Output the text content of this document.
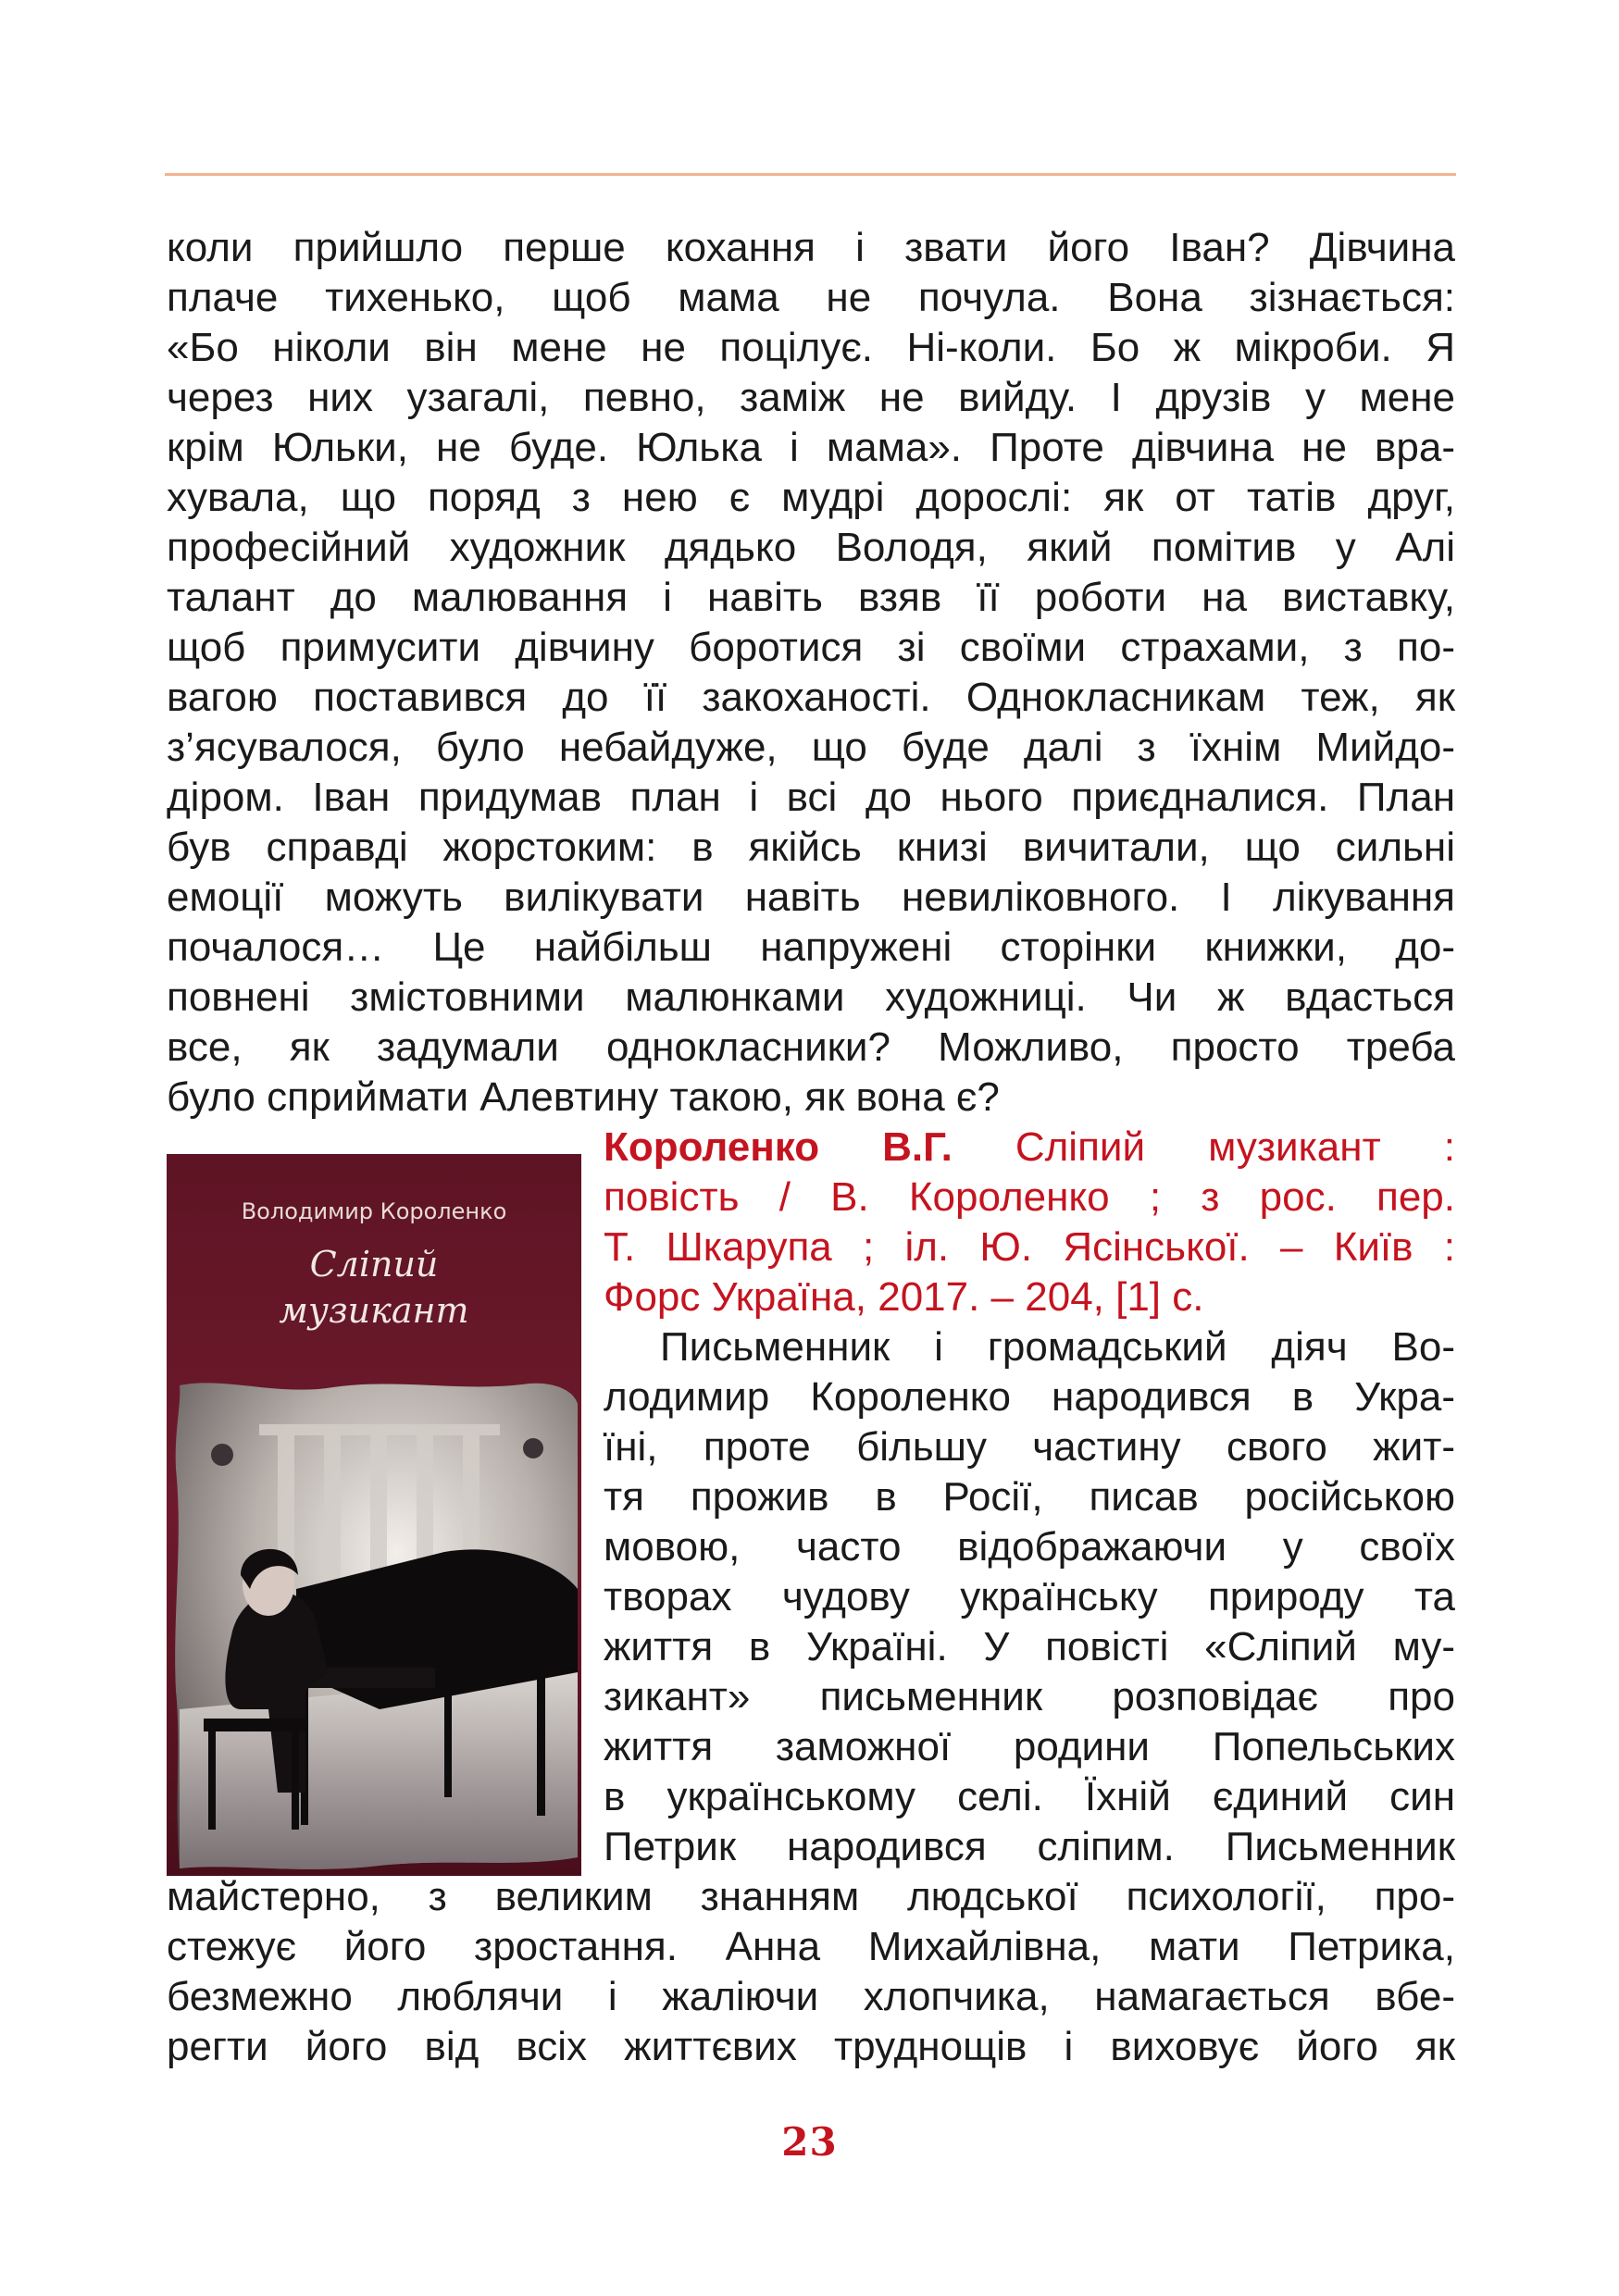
коли прийшло перше кохання і звати його Іван? Дівчина
плаче тихенько, щоб мама не почула. Вона зізнається:
«Бо ніколи він мене не поцілує. Ні-коли. Бо ж мікроби. Я
через них узагалі, певно, заміж не вийду. І друзів у мене
крім Юльки, не буде. Юлька і мама». Проте дівчина не вра-
хувала, що поряд з нею є мудрі дорослі: як от татів друг,
професійний художник дядько Володя, який помітив у Алі
талант до малювання і навіть взяв її роботи на виставку,
щоб примусити дівчину боротися зі своїми страхами, з по-
вагою поставився до її закоханості. Однокласникам теж, як
з’ясувалося, було небайдуже, що буде далі з їхнім Мийдо-
діром. Іван придумав план і всі до нього приєдналися. План
був справді жорстоким: в якійсь книзі вичитали, що сильні
емоції можуть вилікувати навіть невиліковного. І лікування
почалося… Це найбільш напружені сторінки книжки, до-
повнені змістовними малюнками художниці. Чи ж вдасться
все, як задумали однокласники? Можливо, просто треба
було сприймати Алевтину такою, як вона є?
Володимир Короленко
Сліпий
музикант
Короленко В.Г. Сліпий музикант :
повість / В. Короленко ; з рос. пер.
Т. Шкарупа ; іл. Ю. Ясінської. – Київ :
Форс Україна, 2017. – 204, [1] с.
Письменник і громадський діяч Во-
лодимир Короленко народився в Укра-
їні, проте більшу частину свого жит-
тя прожив в Росії, писав російською
мовою, часто відображаючи у своїх
творах чудову українську природу та
життя в Україні. У повісті «Сліпий му-
зикант» письменник розповідає про
життя заможної родини Попельських
в українському селі. Їхній єдиний син
Петрик народився сліпим. Письменник
майстерно, з великим знанням людської психології, про-
стежує його зростання. Анна Михайлівна, мати Петрика,
безмежно люблячи і жаліючи хлопчика, намагається вбе-
регти його від всіх життєвих труднощів і виховує його як
23
